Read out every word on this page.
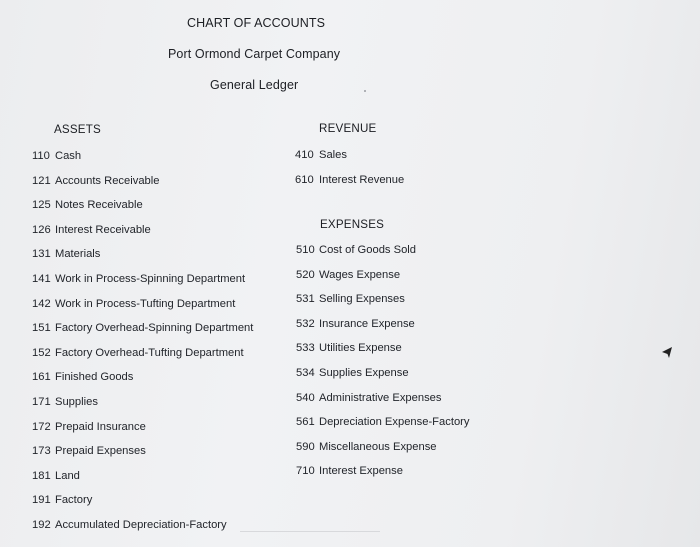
CHART OF ACCOUNTS
Port Ormond Carpet Company
General Ledger
ASSETS
110 Cash
121 Accounts Receivable
125 Notes Receivable
126 Interest Receivable
131 Materials
141 Work in Process-Spinning Department
142 Work in Process-Tufting Department
151 Factory Overhead-Spinning Department
152 Factory Overhead-Tufting Department
161 Finished Goods
171 Supplies
172 Prepaid Insurance
173 Prepaid Expenses
181 Land
191 Factory
192 Accumulated Depreciation-Factory
REVENUE
410 Sales
610 Interest Revenue
EXPENSES
510 Cost of Goods Sold
520 Wages Expense
531 Selling Expenses
532 Insurance Expense
533 Utilities Expense
534 Supplies Expense
540 Administrative Expenses
561 Depreciation Expense-Factory
590 Miscellaneous Expense
710 Interest Expense
